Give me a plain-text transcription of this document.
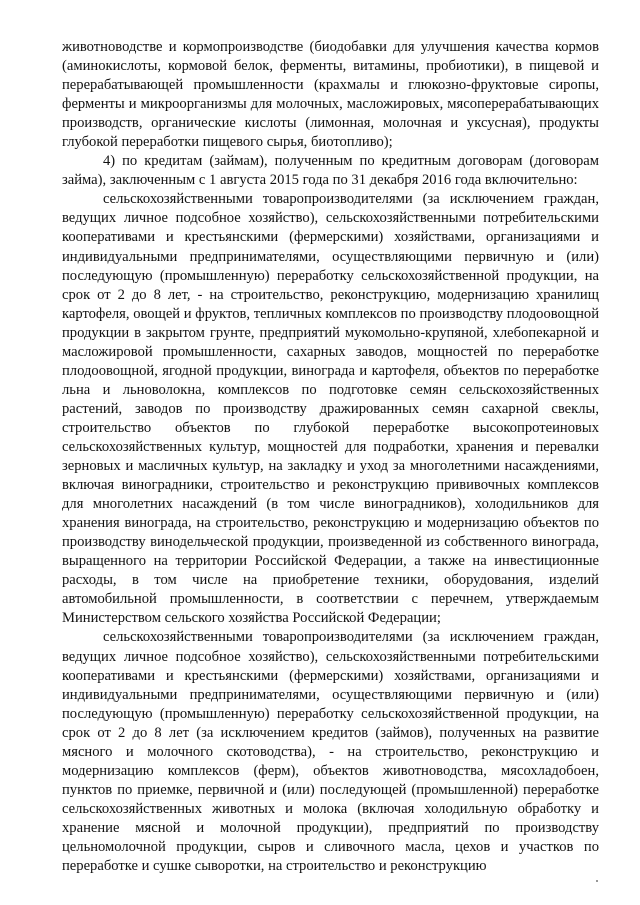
животноводстве и кормопроизводстве (биодобавки для улучшения качества кормов (аминокислоты, кормовой белок, ферменты, витамины, пробиотики), в пищевой и перерабатывающей промышленности (крахмалы и глюкозно-фруктовые сиропы, ферменты и микроорганизмы для молочных, масложировых, мясоперерабатывающих производств, органические кислоты (лимонная, молочная и уксусная), продукты глубокой переработки пищевого сырья, биотопливо);

4) по кредитам (займам), полученным по кредитным договорам (договорам займа), заключенным с 1 августа 2015 года по 31 декабря 2016 года включительно:

сельскохозяйственными товаропроизводителями (за исключением граждан, ведущих личное подсобное хозяйство), сельскохозяйственными потребительскими кооперативами и крестьянскими (фермерскими) хозяйствами, организациями и индивидуальными предпринимателями, осуществляющими первичную и (или) последующую (промышленную) переработку сельскохозяйственной продукции, на срок от 2 до 8 лет, - на строительство, реконструкцию, модернизацию хранилищ картофеля, овощей и фруктов, тепличных комплексов по производству плодоовощной продукции в закрытом грунте, предприятий мукомольно-крупяной, хлебопекарной и масложировой промышленности, сахарных заводов, мощностей по переработке плодоовощной, ягодной продукции, винограда и картофеля, объектов по переработке льна и льноволокна, комплексов по подготовке семян сельскохозяйственных растений, заводов по производству дражированных семян сахарной свеклы, строительство объектов по глубокой переработке высокопротеиновых сельскохозяйственных культур, мощностей для подработки, хранения и перевалки зерновых и масличных культур, на закладку и уход за многолетними насаждениями, включая виноградники, строительство и реконструкцию прививочных комплексов для многолетних насаждений (в том числе виноградников), холодильников для хранения винограда, на строительство, реконструкцию и модернизацию объектов по производству винодельческой продукции, произведенной из собственного винограда, выращенного на территории Российской Федерации, а также на инвестиционные расходы, в том числе на приобретение техники, оборудования, изделий автомобильной промышленности, в соответствии с перечнем, утверждаемым Министерством сельского хозяйства Российской Федерации;

сельскохозяйственными товаропроизводителями (за исключением граждан, ведущих личное подсобное хозяйство), сельскохозяйственными потребительскими кооперативами и крестьянскими (фермерскими) хозяйствами, организациями и индивидуальными предпринимателями, осуществляющими первичную и (или) последующую (промышленную) переработку сельскохозяйственной продукции, на срок от 2 до 8 лет (за исключением кредитов (займов), полученных на развитие мясного и молочного скотоводства), - на строительство, реконструкцию и модернизацию комплексов (ферм), объектов животноводства, мясохладобоен, пунктов по приемке, первичной и (или) последующей (промышленной) переработке сельскохозяйственных животных и молока (включая холодильную обработку и хранение мясной и молочной продукции), предприятий по производству цельномолочной продукции, сыров и сливочного масла, цехов и участков по переработке и сушке сыворотки, на строительство и реконструкцию
